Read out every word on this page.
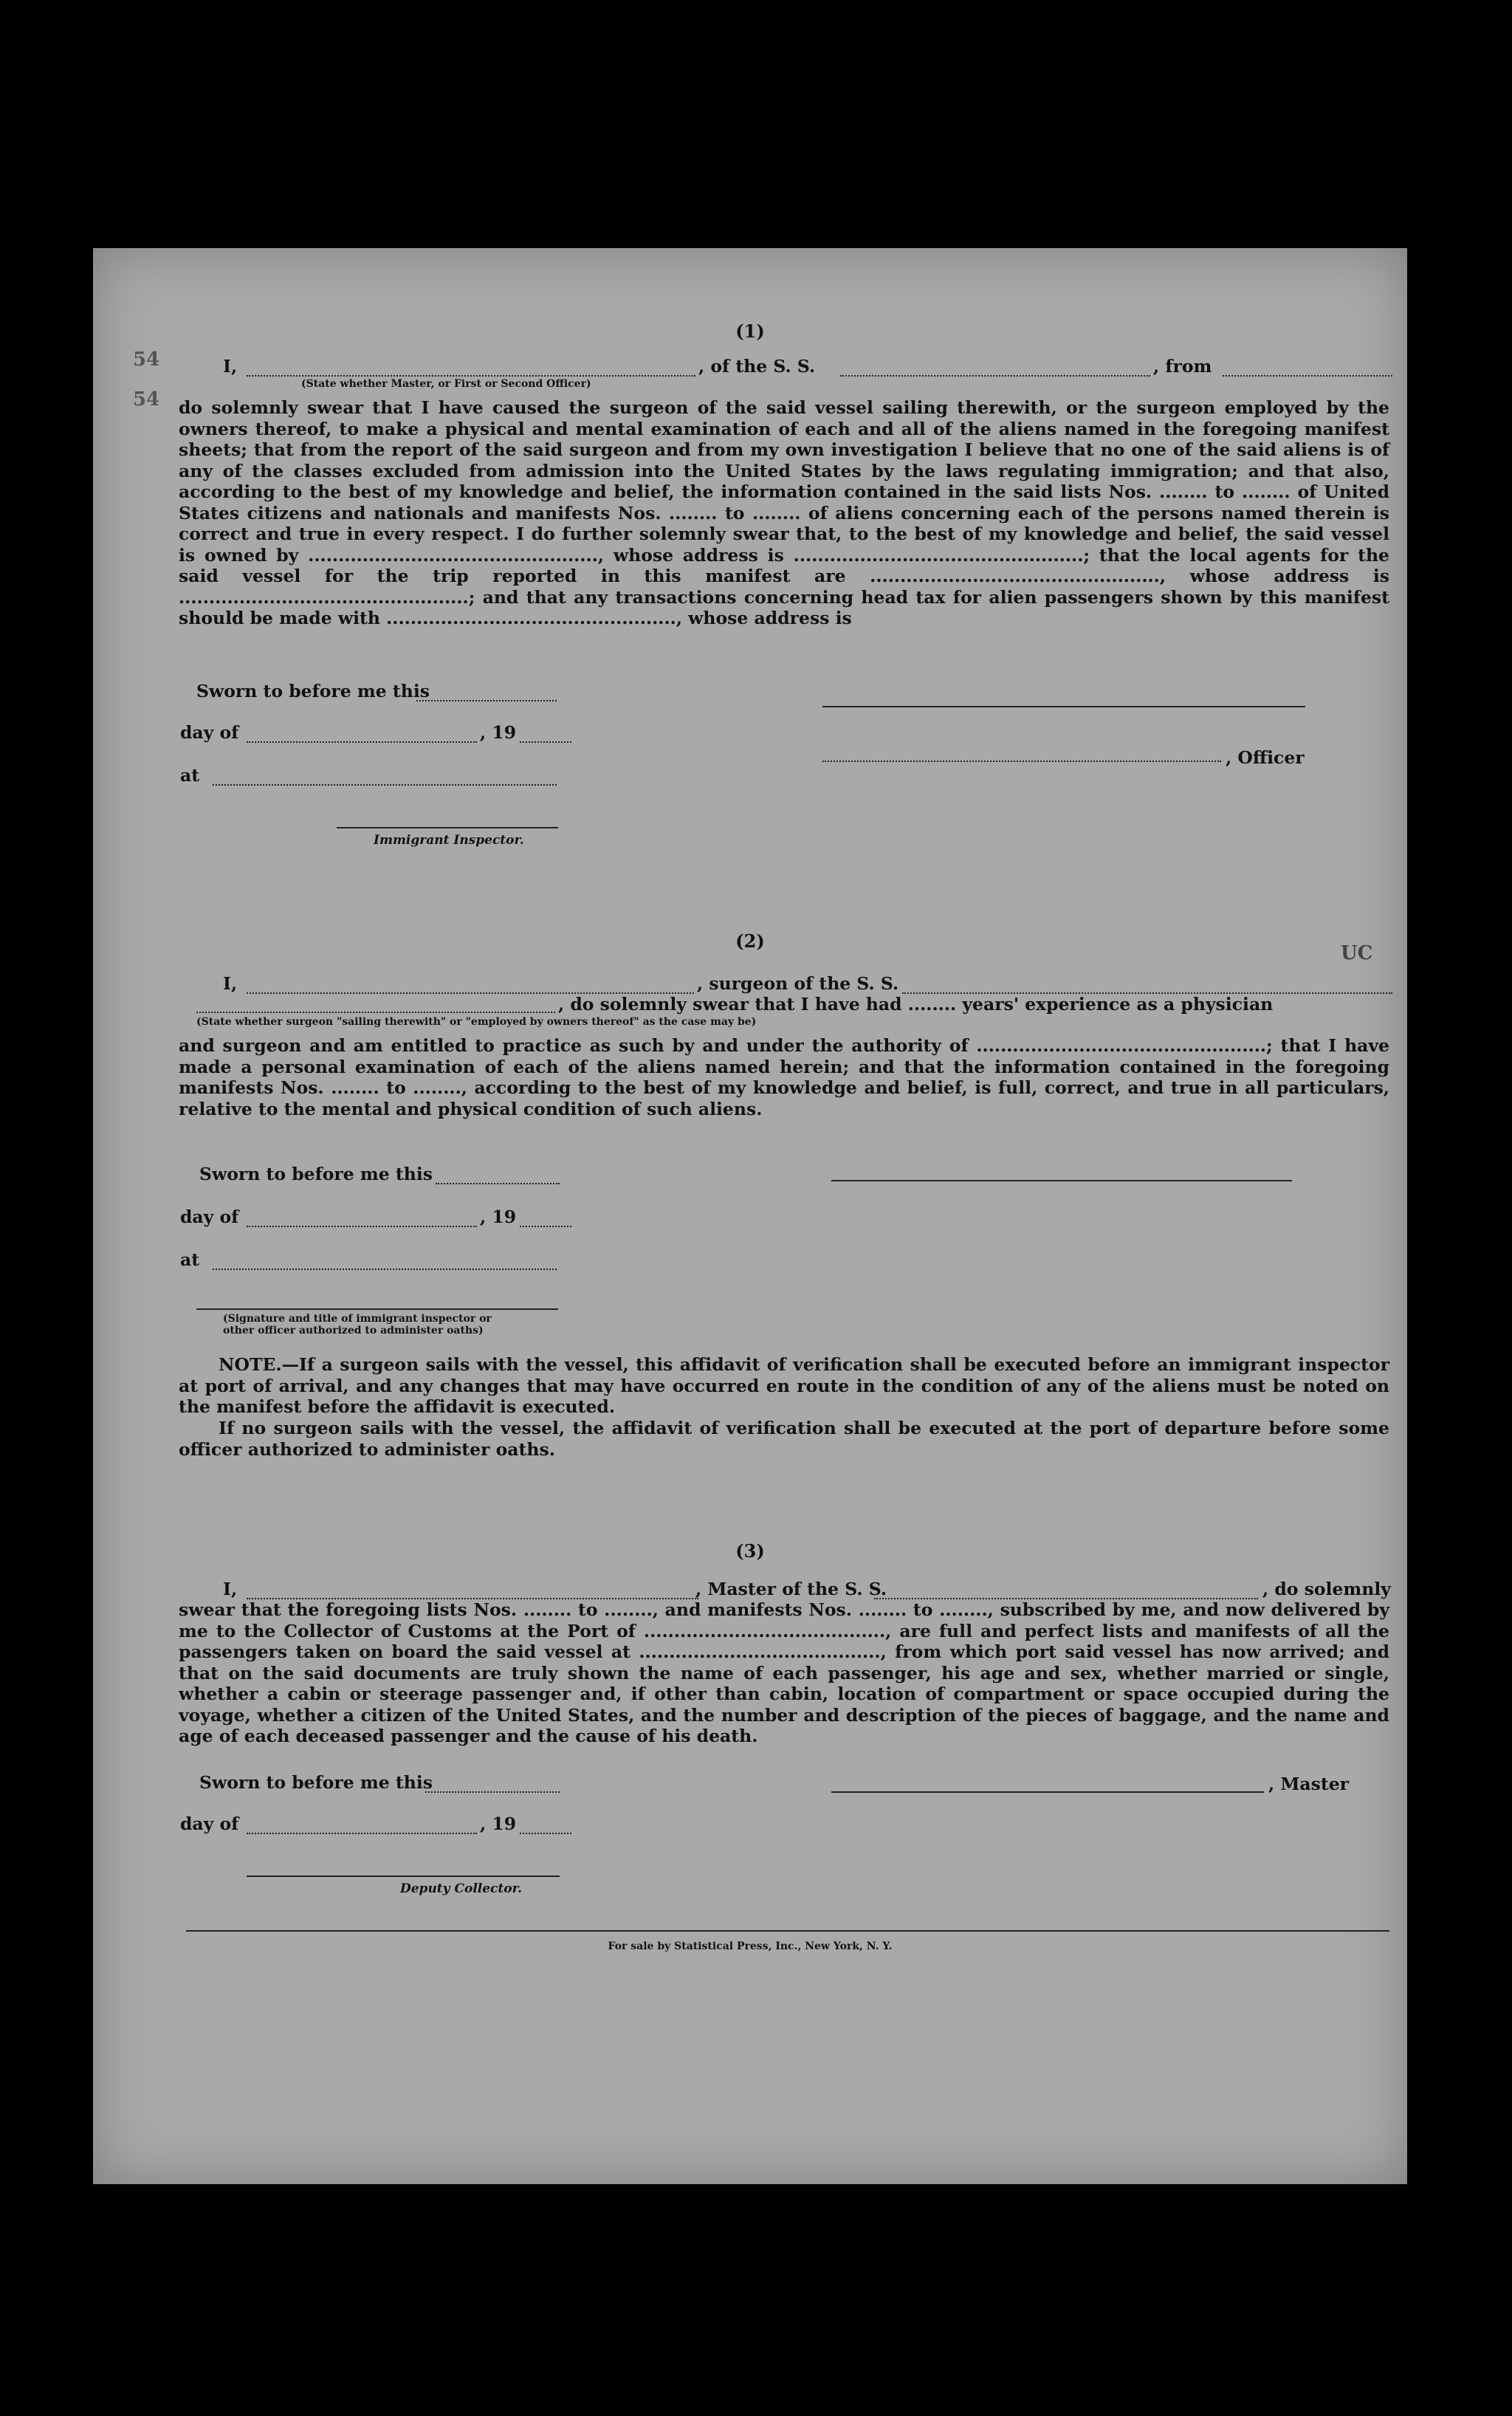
54
54
UC
(1)
I,	, of the S. S.	, from
(State whether Master, or First or Second Officer)
do solemnly swear that I have caused the surgeon of the said vessel sailing therewith, or the surgeon employed by the owners thereof, to make a physical and mental examination of each and all of the aliens named in the foregoing manifest sheets; that from the report of the said surgeon and from my own investigation I believe that no one of the said aliens is of any of the classes excluded from admission into the United States by the laws regulating immigration; and that also, according to the best of my knowledge and belief, the information contained in the said lists Nos. ........ to ........ of United States citizens and nationals and manifests Nos. ........ to ........ of aliens concerning each of the persons named therein is correct and true in every respect. I do further solemnly swear that, to the best of my knowledge and belief, the said vessel is owned by ................................................, whose address is ................................................; that the local agents for the said vessel for the trip reported in this manifest are ................................................, whose address is ................................................; and that any transactions concerning head tax for alien passengers shown by this manifest should be made with ................................................, whose address is
Sworn to before me this
day of	, 19
at
Immigrant Inspector.
, Officer
(2)
I,	, surgeon of the S. S.
(State whether surgeon "sailing therewith" or "employed by owners thereof" as the case may be)
, do solemnly swear that I have had ........ years' experience as a physician
and surgeon and am entitled to practice as such by and under the authority of ................................................; that I have made a personal examination of each of the aliens named herein; and that the information contained in the foregoing manifests Nos. ........ to ........, according to the best of my knowledge and belief, is full, correct, and true in all particulars, relative to the mental and physical condition of such aliens.
Sworn to before me this
day of	, 19
at
(Signature and title of immigrant inspector or
other officer authorized to administer oaths)
NOTE.—If a surgeon sails with the vessel, this affidavit of verification shall be executed before an immigrant inspector at port of arrival, and any changes that may have occurred en route in the condition of any of the aliens must be noted on the manifest before the affidavit is executed.
If no surgeon sails with the vessel, the affidavit of verification shall be executed at the port of departure before some officer authorized to administer oaths.
(3)
I,	, Master of the S. S.	, do solemnly
swear that the foregoing lists Nos. ........ to ........, and manifests Nos. ........ to ........, subscribed by me, and now delivered by me to the Collector of Customs at the Port of ........................................, are full and perfect lists and manifests of all the passengers taken on board the said vessel at ........................................, from which port said vessel has now arrived; and that on the said documents are truly shown the name of each passenger, his age and sex, whether married or single, whether a cabin or steerage passenger and, if other than cabin, location of compartment or space occupied during the voyage, whether a citizen of the United States, and the number and description of the pieces of baggage, and the name and age of each deceased passenger and the cause of his death.
Sworn to before me this
day of	, 19
Deputy Collector.
, Master
For sale by Statistical Press, Inc., New York, N. Y.
